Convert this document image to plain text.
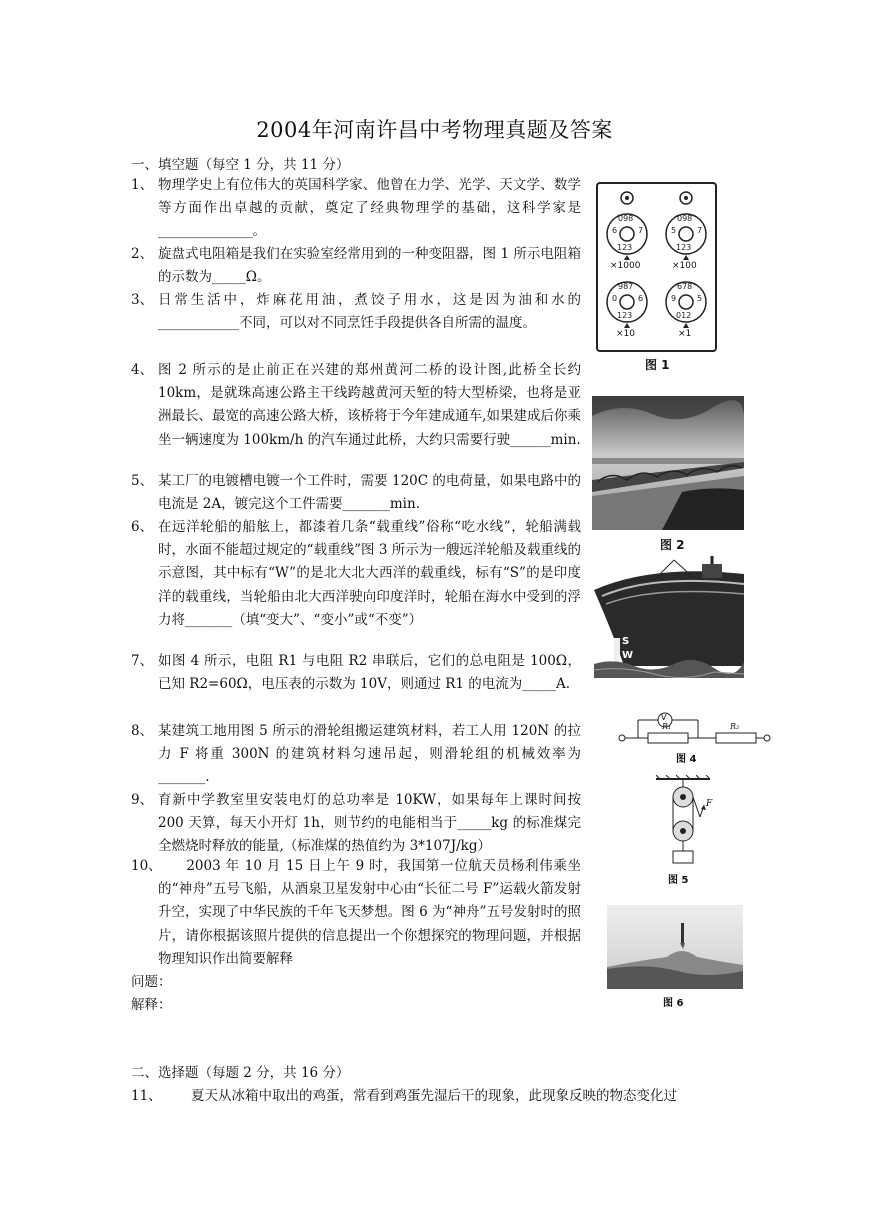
2004年河南许昌中考物理真题及答案
一、填空题（每空 1 分，共 11 分）
1、 物理学史上有位伟大的英国科学家、他曾在力学、光学、天文学、数学等方面作出卓越的贡献，奠定了经典物理学的基础，这科学家是______________。
2、 旋盘式电阻箱是我们在实验室经常用到的一种变阻器，图 1 所示电阻箱的示数为_____Ω。
3、 日常生活中，炸麻花用油，煮饺子用水，这是因为油和水的____________不同，可以对不同烹饪手段提供各自所需的温度。
4、 图 2 所示的是止前正在兴建的郑州黄河二桥的设计图,此桥全长约 10km，是就珠高速公路主干线跨越黄河天堑的特大型桥梁，也将是亚洲最长、最宽的高速公路大桥，该桥将于今年建成通车,如果建成后你乘坐一辆速度为 100km/h 的汽车通过此桥，大约只需要行驶______min.
5、 某工厂的电镀槽电镀一个工件时，需要 120C 的电荷量，如果电路中的电流是 2A，镀完这个工件需要_______min.
6、 在远洋轮船的船舷上，都漆着几条“载重线”俗称“吃水线”，轮船满载时，水面不能超过规定的“载重线”图 3 所示为一艘远洋轮船及载重线的示意图，其中标有“W”的是北大北大西洋的载重线，标有“S”的是印度洋的载重线，当轮船由北大西洋驶向印度洋时，轮船在海水中受到的浮力将_______（填“变大”、“变小”或“不变”）
7、 如图 4 所示，电阻 R1 与电阻 R2 串联后，它们的总电阻是 100Ω，已知 R2=60Ω，电压表的示数为 10V，则通过 R1 的电流为_____A.
8、 某建筑工地用图 5 所示的滑轮组搬运建筑材料，若工人用 120N 的拉力 F 将重 300N 的建筑材料匀速吊起，则滑轮组的机械效率为_______.
9、 育新中学教室里安装电灯的总功率是 10KW，如果每年上课时间按 200 天算，每天小开灯 1h，则节约的电能相当于_____kg 的标准煤完全燃烧时释放的能量,（标准煤的热值约为 3*107J/kg）
10、
　　2003 年 10 月 15 日上午 9 时，我国第一位航天员杨利伟乘坐的“神舟”五号飞船，从酒泉卫星发射中心由“长征二号 F”运载火箭发射升空，实现了中华民族的千年飞天梦想。图 6 为“神舟”五号发射时的照片，请你根据该照片提供的信息提出一个你想探究的物理问题，并根据物理知识作出简要解释
问题：
解释：
二、选择题（每题 2 分，共 16 分）
11、 夏天从冰箱中取出的鸡蛋，常看到鸡蛋先湿后干的现象，此现象反映的物态变化过
098
6	7
123
098
5	7
123
987
0	6
123
678
9	5
012
×1000	×100
×10	×1
图 1
图 2
S
W
V
R₁	R₂
图 4
F
图 5
图 6
